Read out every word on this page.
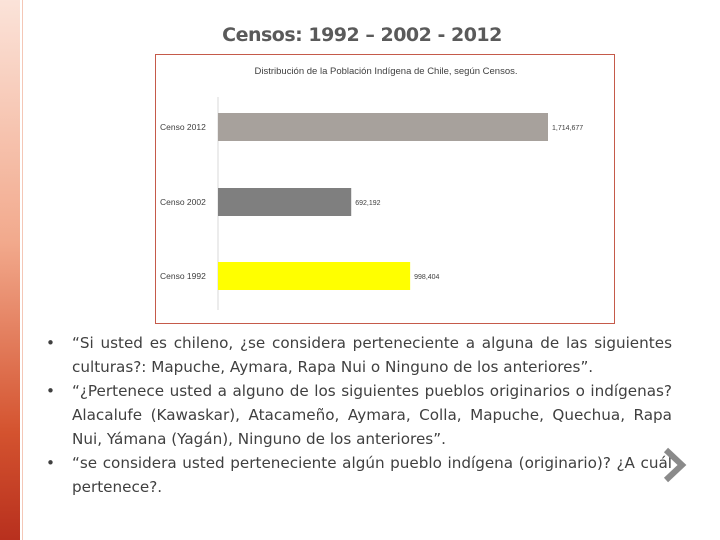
Censos: 1992 – 2002 - 2012
Distribución de la Población Indígena de Chile, según Censos.
Censo 2012	1,714,677
Censo 2002	692,192
Censo 1992	998,404
•	“Si usted es chileno, ¿se considera perteneciente a alguna de las siguientes culturas?: Mapuche, Aymara, Rapa Nui o Ninguno de los anteriores”.
•	“¿Pertenece usted a alguno de los siguientes pueblos originarios o indígenas? Alacalufe (Kawaskar), Atacameño, Aymara, Colla, Mapuche, Quechua, Rapa Nui, Yámana (Yagán), Ninguno de los anteriores”.
•	“se considera usted perteneciente algún pueblo indígena (originario)? ¿A cuál pertenece?.
